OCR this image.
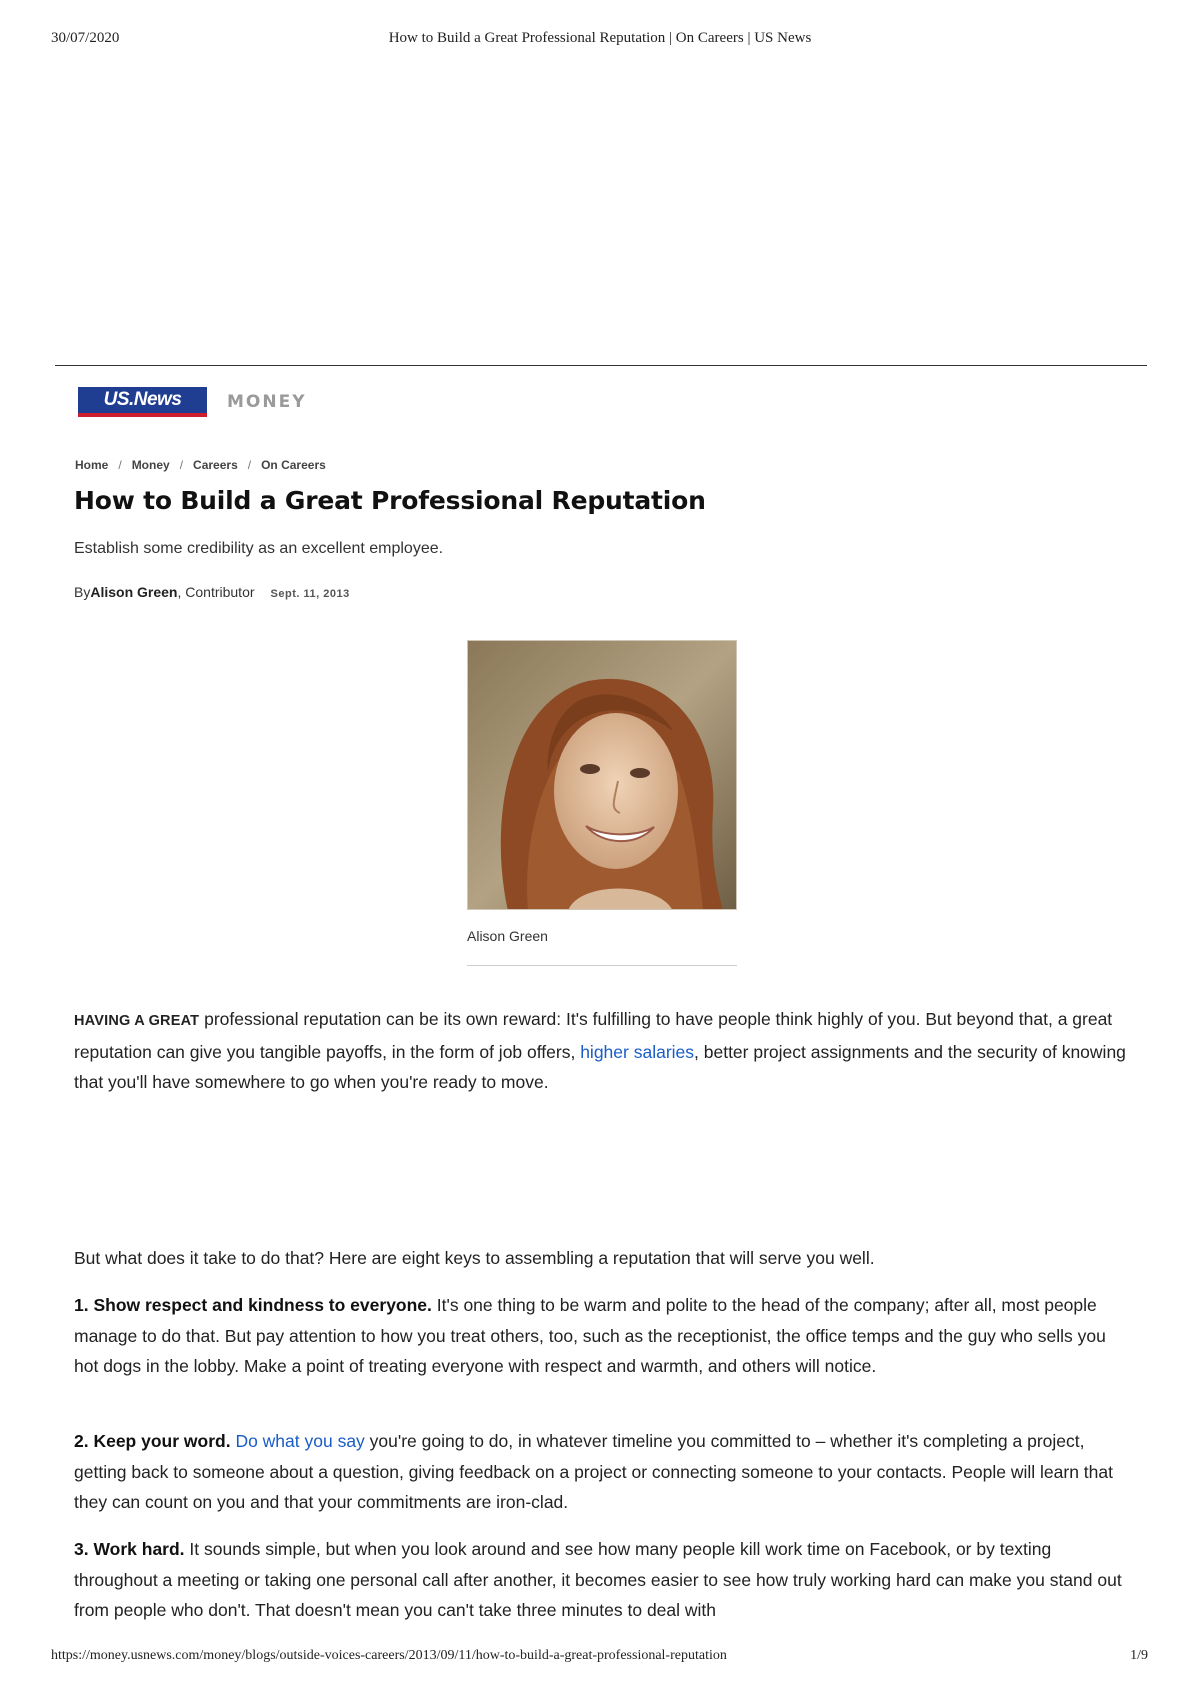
30/07/2020	How to Build a Great Professional Reputation | On Careers | US News
US.News	MONEY
Home / Money / Careers / On Careers
How to Build a Great Professional Reputation
Establish some credibility as an excellent employee.
By Alison Green , Contributor Sept. 11, 2013
Alison Green

HAVING A GREAT professional reputation can be its own reward: It's fulfilling to have people think highly of you. But beyond that, a great reputation can give you tangible payoffs, in the form of job offers, higher salaries, better project assignments and the security of knowing that you'll have somewhere to go when you're ready to move.

But what does it take to do that? Here are eight keys to assembling a reputation that will serve you well.

1. Show respect and kindness to everyone. It's one thing to be warm and polite to the head of the company; after all, most people manage to do that. But pay attention to how you treat others, too, such as the receptionist, the office temps and the guy who sells you hot dogs in the lobby. Make a point of treating everyone with respect and warmth, and others will notice.

2. Keep your word. Do what you say you're going to do, in whatever timeline you committed to – whether it's completing a project, getting back to someone about a question, giving feedback on a project or connecting someone to your contacts. People will learn that they can count on you and that your commitments are iron-clad.

3. Work hard. It sounds simple, but when you look around and see how many people kill work time on Facebook, or by texting throughout a meeting or taking one personal call after another, it becomes easier to see how truly working hard can make you stand out from people who don't. That doesn't mean you can't take three minutes to deal with

https://money.usnews.com/money/blogs/outside-voices-careers/2013/09/11/how-to-build-a-great-professional-reputation	1/9
